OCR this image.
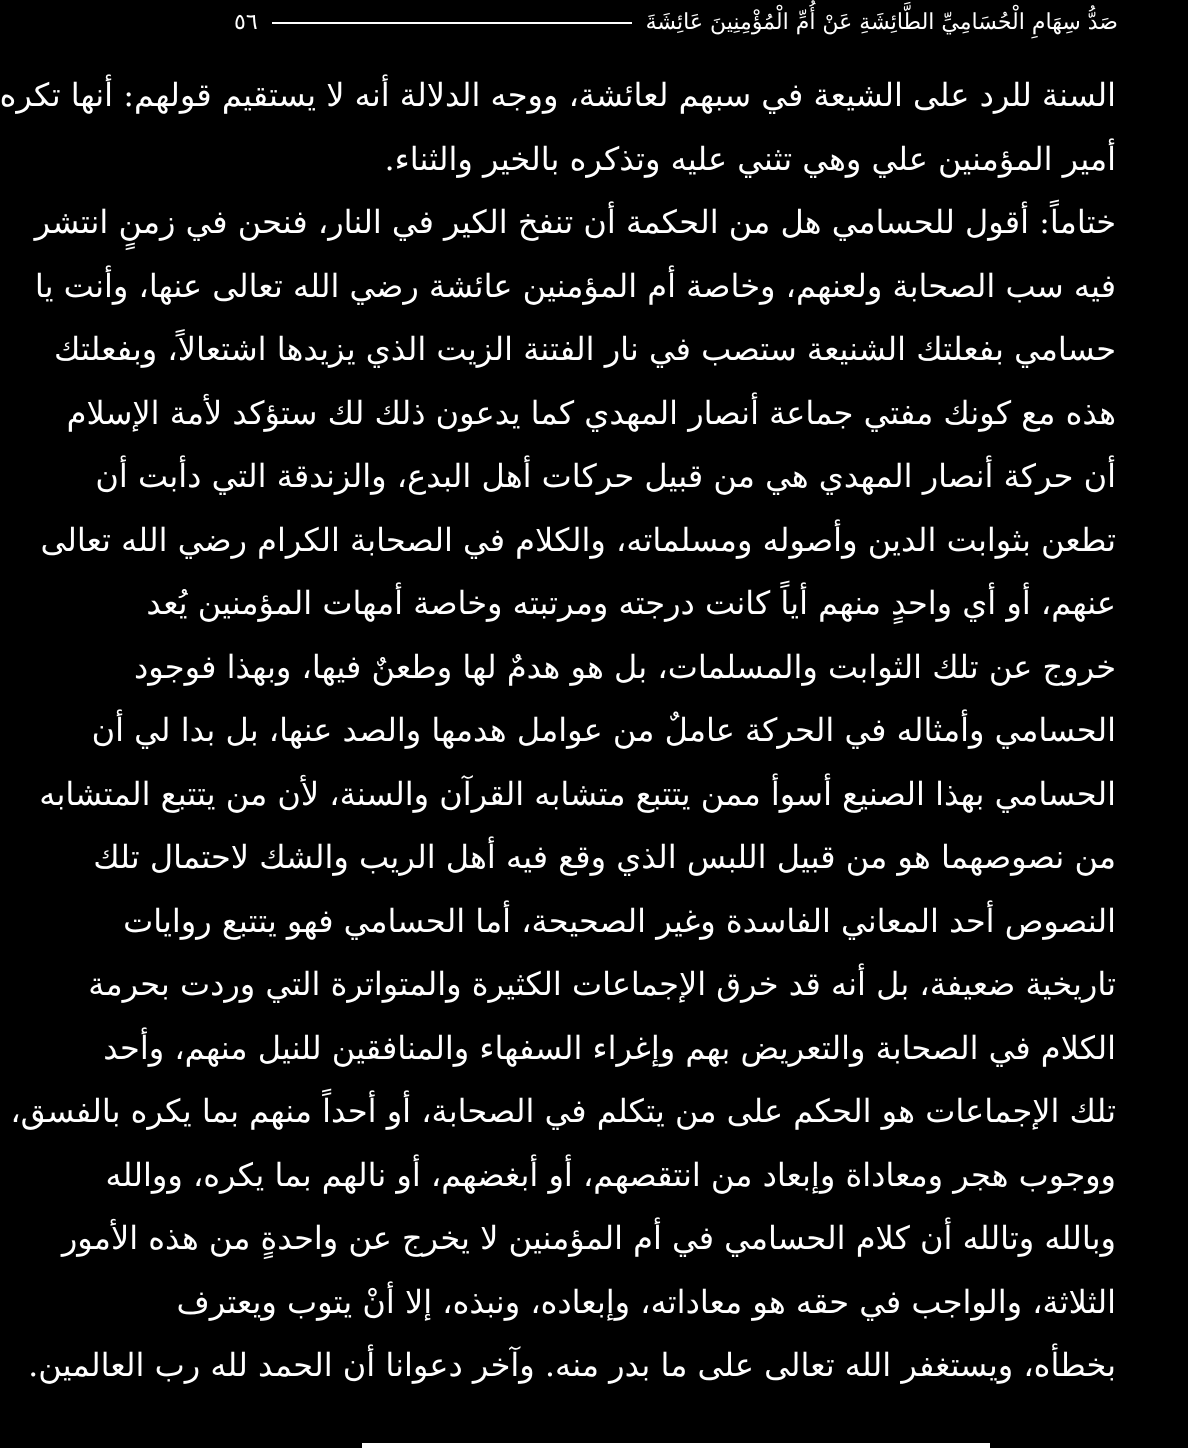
صَدُّ سِهَامِ الْحُسَامِيِّ الطَّائِشَةِ عَنْ أُمِّ الْمُؤْمِنِينَ عَائِشَةَ
٥٦
السنة للرد على الشيعة في سبهم لعائشة، ووجه الدلالة أنه لا يستقيم قولهم: أنها تكره
أمير المؤمنين علي وهي تثني عليه وتذكره بالخير والثناء.
ختاماً: أقول للحسامي هل من الحكمة أن تنفخ الكير في النار، فنحن في زمنٍ انتشر
فيه سب الصحابة ولعنهم، وخاصة أم المؤمنين عائشة رضي الله تعالى عنها، وأنت يا
حسامي بفعلتك الشنيعة ستصب في نار الفتنة الزيت الذي يزيدها اشتعالاً، وبفعلتك
هذه مع كونك مفتي جماعة أنصار المهدي كما يدعون ذلك لك ستؤكد لأمة الإسلام
أن حركة أنصار المهدي هي من قبيل حركات أهل البدع، والزندقة التي دأبت أن
تطعن بثوابت الدين وأصوله ومسلماته، والكلام في الصحابة الكرام رضي الله تعالى
عنهم، أو أي واحدٍ منهم أياً كانت درجته ومرتبته وخاصة أمهات المؤمنين يُعد
خروج عن تلك الثوابت والمسلمات، بل هو هدمٌ لها وطعنٌ فيها، وبهذا فوجود
الحسامي وأمثاله في الحركة عاملٌ من عوامل هدمها والصد عنها، بل بدا لي أن
الحسامي بهذا الصنيع أسوأ ممن يتتبع متشابه القرآن والسنة، لأن من يتتبع المتشابه
من نصوصهما هو من قبيل اللبس الذي وقع فيه أهل الريب والشك لاحتمال تلك
النصوص أحد المعاني الفاسدة وغير الصحيحة، أما الحسامي فهو يتتبع روايات
تاريخية ضعيفة، بل أنه قد خرق الإجماعات الكثيرة والمتواترة التي وردت بحرمة
الكلام في الصحابة والتعريض بهم وإغراء السفهاء والمنافقين للنيل منهم، وأحد
تلك الإجماعات هو الحكم على من يتكلم في الصحابة، أو أحداً منهم بما يكره بالفسق،
ووجوب هجر ومعاداة وإبعاد من انتقصهم، أو أبغضهم، أو نالهم بما يكره، ووالله
وبالله وتالله أن كلام الحسامي في أم المؤمنين لا يخرج عن واحدةٍ من هذه الأمور
الثلاثة، والواجب في حقه هو معاداته، وإبعاده، ونبذه، إلا أنْ يتوب ويعترف
بخطأه، ويستغفر الله تعالى على ما بدر منه. وآخر دعوانا أن الحمد لله رب العالمين.
